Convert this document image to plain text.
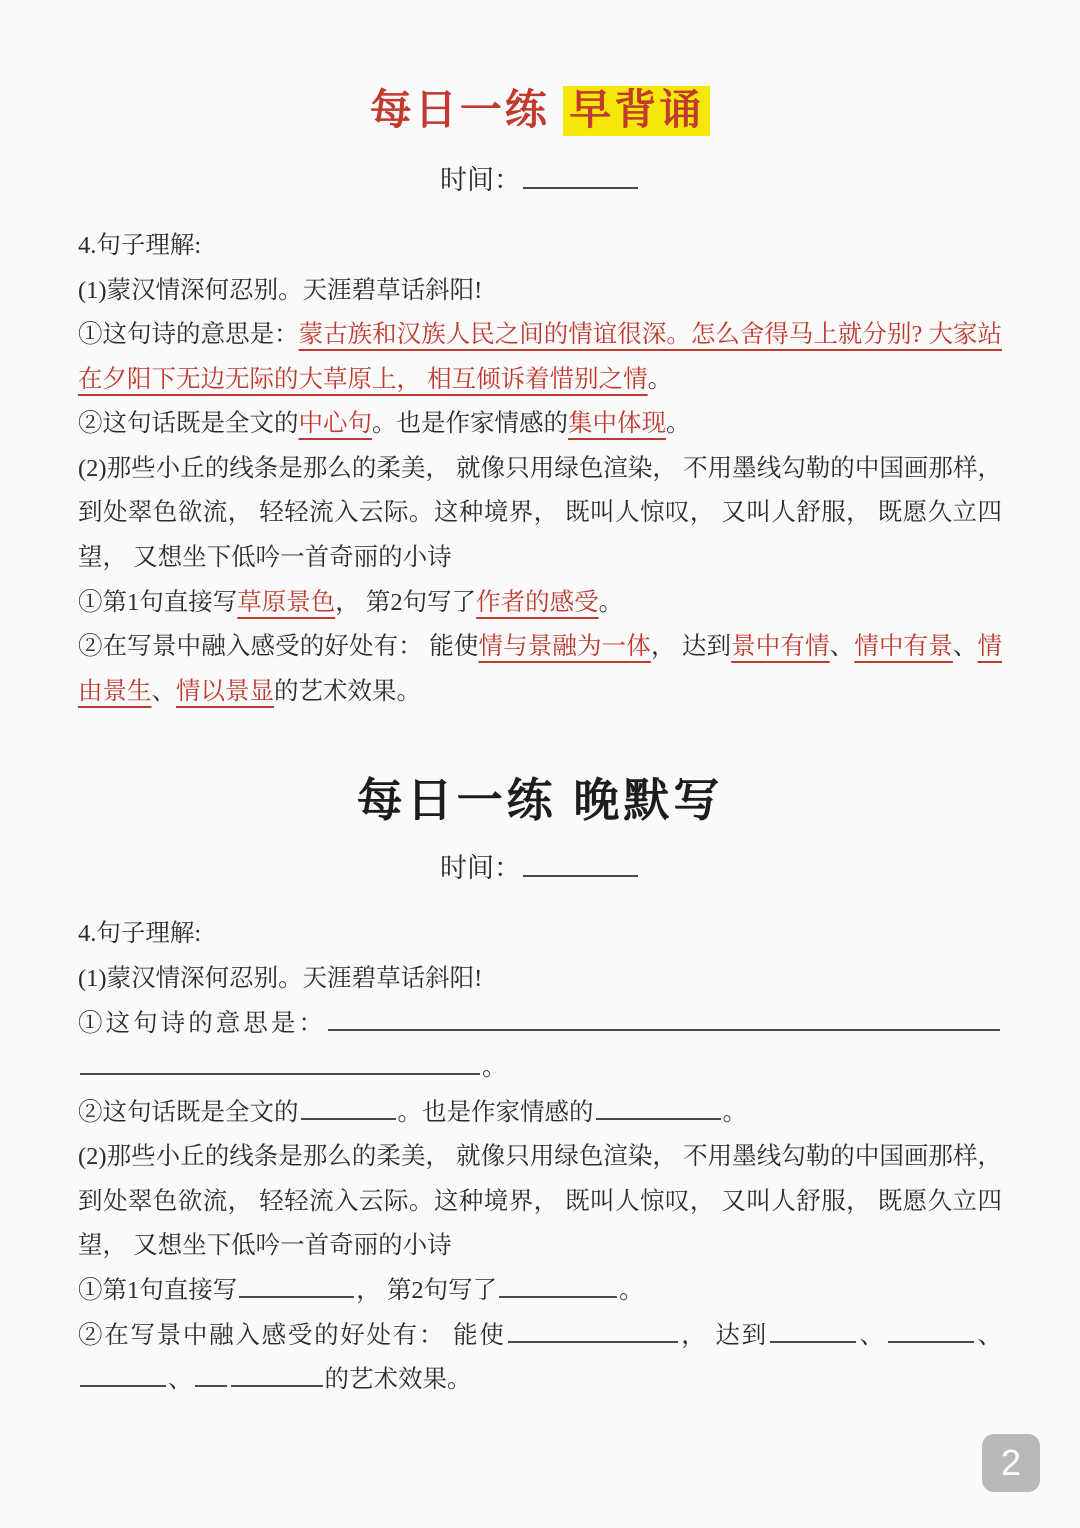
每日一练 早背诵
时间：
4.句子理解:
(1)蒙汉情深何忍别。天涯碧草话斜阳!
①这句诗的意思是：蒙古族和汉族人民之间的情谊很深。怎么舍得马上就分别? 大家站在夕阳下无边无际的大草原上， 相互倾诉着惜别之情。
②这句话既是全文的中心句。也是作家情感的集中体现。
(2)那些小丘的线条是那么的柔美， 就像只用绿色渲染， 不用墨线勾勒的中国画那样， 到处翠色欲流， 轻轻流入云际。这种境界， 既叫人惊叹， 又叫人舒服， 既愿久立四望， 又想坐下低吟一首奇丽的小诗
①第1句直接写草原景色， 第2句写了作者的感受。
②在写景中融入感受的好处有： 能使情与景融为一体， 达到景中有情、情中有景、情由景生、情以景显的艺术效果。
每日一练 晚默写
时间：
4.句子理解:
(1)蒙汉情深何忍别。天涯碧草话斜阳!
①这句诗的意思是：。
②这句话既是全文的	。也是作家情感的	。
(2)那些小丘的线条是那么的柔美， 就像只用绿色渲染， 不用墨线勾勒的中国画那样， 到处翠色欲流， 轻轻流入云际。这种境界， 既叫人惊叹， 又叫人舒服， 既愿久立四望， 又想坐下低吟一首奇丽的小诗
①第1句直接写	， 第2句写了	。
②在写景中融入感受的好处有： 能使	， 达到	、	、、	的艺术效果。
2
